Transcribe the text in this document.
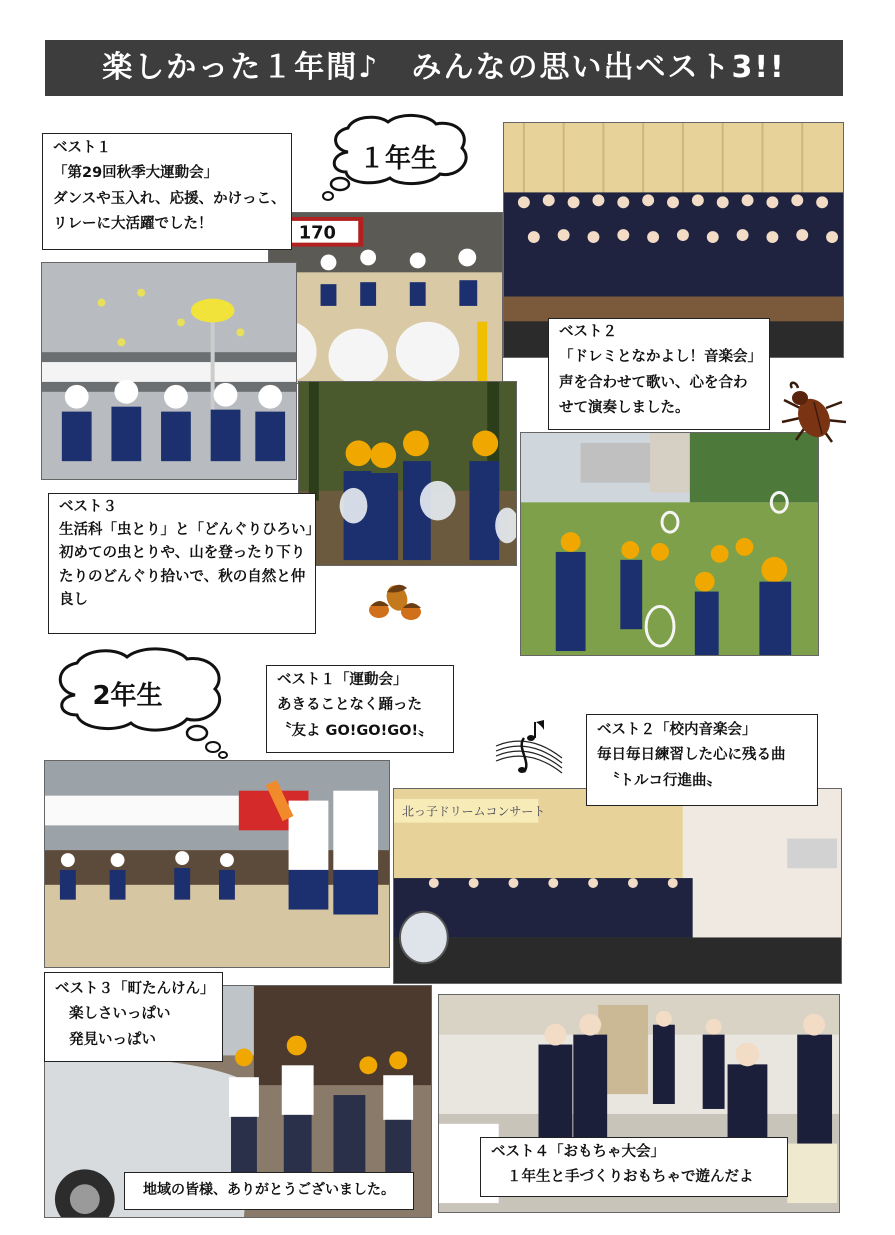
楽しかった１年間♪　みんなの思い出ベスト3!!
170
ベスト１
「第29回秋季大運動会」
ダンスや玉入れ、応援、かけっこ、
リレーに大活躍でした！
ベスト２
「ドレミとなかよし！音楽会」
声を合わせて歌い、心を合わ
せて演奏しました。
ベスト３
生活科「虫とり」と「どんぐりひろい」
初めての虫とりや、山を登ったり下り
たりのどんぐり拾いで、秋の自然と仲
良し
１年生
2年生
北っ子ドリームコンサート
ベスト１「運動会」
あきることなく踊った
〝友よ GO!GO!GO!〟	ベスト２「校内音楽会」
毎日毎日練習した心に残る曲
〝トルコ行進曲〟
ベスト３「町たんけん」
楽しさいっぱい
発見いっぱい
ベスト４「おもちゃ大会」
１年生と手づくりおもちゃで遊んだよ
地域の皆様、ありがとうございました。
